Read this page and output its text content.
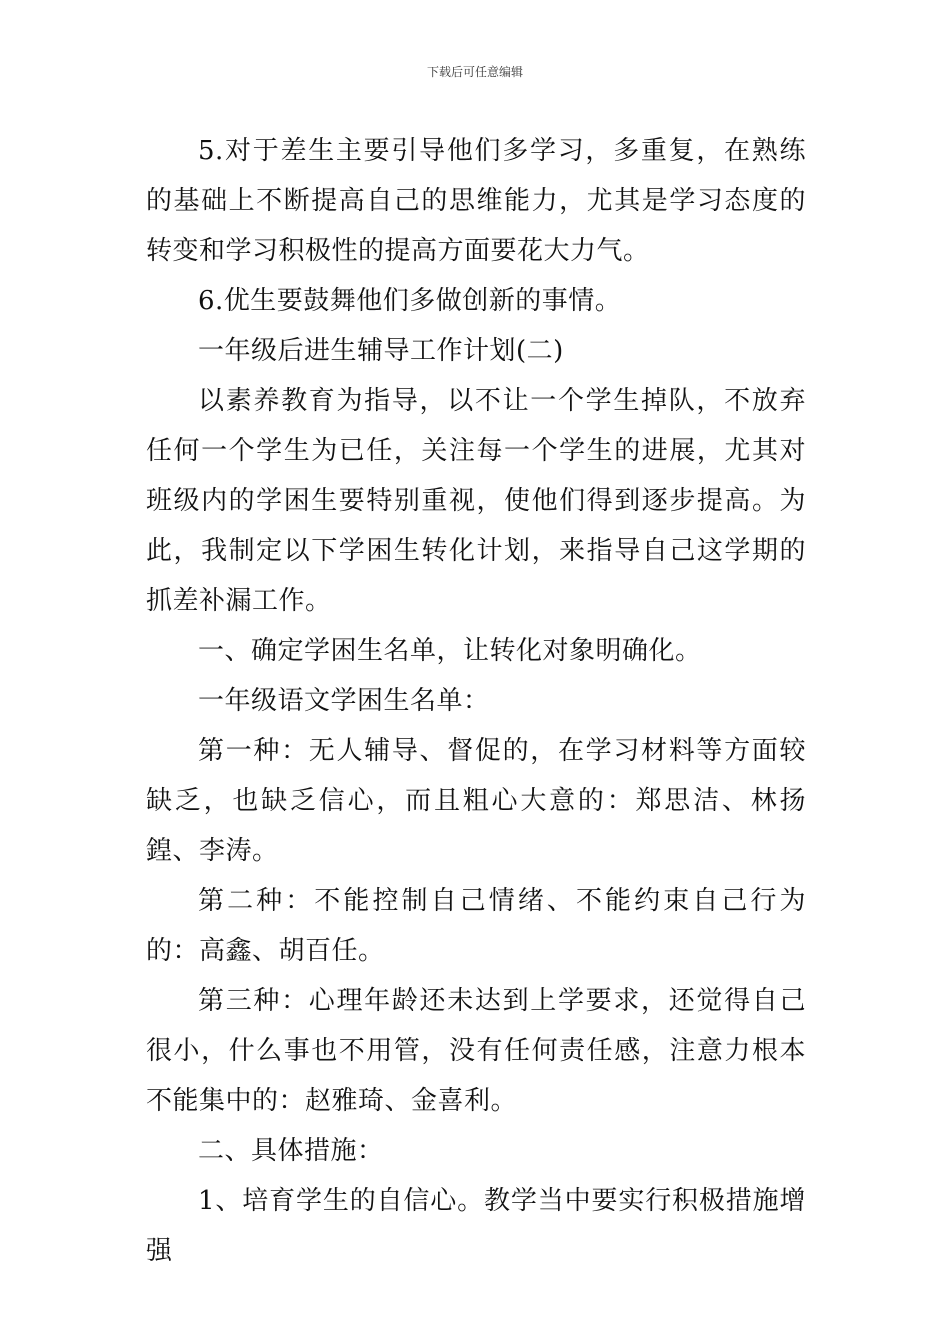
下载后可任意编辑

5.对于差生主要引导他们多学习，多重复，在熟练的基础上不断提高自己的思维能力，尤其是学习态度的转变和学习积极性的提高方面要花大力气。

6.优生要鼓舞他们多做创新的事情。

一年级后进生辅导工作计划(二)

以素养教育为指导，以不让一个学生掉队，不放弃任何一个学生为已任，关注每一个学生的进展，尤其对班级内的学困生要特别重视，使他们得到逐步提高。为此，我制定以下学困生转化计划，来指导自己这学期的抓差补漏工作。

一、确定学困生名单，让转化对象明确化。

一年级语文学困生名单：

第一种：无人辅导、督促的，在学习材料等方面较缺乏，也缺乏信心，而且粗心大意的：郑思洁、林扬鍠、李涛。

第二种：不能控制自己情绪、不能约束自己行为的：高鑫、胡百任。

第三种：心理年龄还未达到上学要求，还觉得自己很小，什么事也不用管，没有任何责任感，注意力根本不能集中的：赵雅琦、金喜利。

二、具体措施：

1、培育学生的自信心。教学当中要实行积极措施增强
